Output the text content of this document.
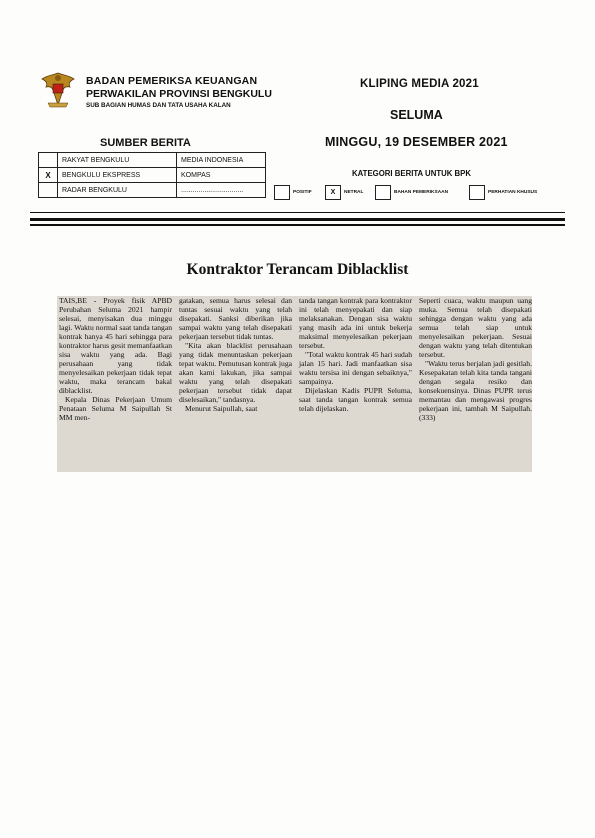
BADAN PEMERIKSA KEUANGAN
PERWAKILAN PROVINSI BENGKULU
SUB BAGIAN HUMAS DAN TATA USAHA KALAN
KLIPING MEDIA 2021
SELUMA
SUMBER BERITA	MINGGU, 19 DESEMBER 2021
	RAKYAT BENGKULU	MEDIA INDONESIA
X	BENGKULU EKSPRESS	KOMPAS
	RADAR BENGKULU	................................
KATEGORI BERITA UNTUK BPK
POSITIF	X	NETRAL	BAHAN PEMERIKSAAN	PERHATIAN KHUSUS
Kontraktor Terancam Diblacklist

TAIS,BE - Proyek fisik APBD Perubahan Seluma 2021 hampir selesai, menyisakan dua minggu lagi. Waktu normal saat tanda tangan kontrak hanya 45 hari sehingga para kontraktor harus gesit memanfaatkan sisa waktu yang ada. Bagi perusahaan yang tidak menyelesaikan pekerjaan tidak tepat waktu, maka terancam bakal diblacklist.

Kepala Dinas Pekerjaan Umum Penataan Seluma M Saipullah St MM men-

gatakan, semua harus selesai dan tuntas sesuai waktu yang telah disepakati. Sanksi diberikan jika sampai waktu yang telah disepakati pekerjaan tersebut tidak tuntas.

"Kita akan blacklist perusahaan yang tidak menuntaskan pekerjaan tepat waktu. Pemutusan kontrak juga akan kami lakukan, jika sampai waktu yang telah disepakati pekerjaan tersebut tidak dapat diselesaikan," tandasnya.

Menurut Saipullah, saat

tanda tangan kontrak para kontraktor ini telah menyepakati dan siap melaksanakan. Dengan sisa waktu yang masih ada ini untuk bekerja maksimal menyelesaikan pekerjaan tersebut.

"Total waktu kontrak 45 hari sudah jalan 15 hari. Jadi manfaatkan sisa waktu tersisa ini dengan sebaiknya," sampainya.

Dijelaskan Kadis PUPR Seluma, saat tanda tangan kontrak semua telah dijelaskan.

Seperti cuaca, waktu maupun uang muka. Semua telah disepakati sehingga dengan waktu yang ada semua telah siap untuk menyelesaikan pekerjaan. Sesuai dengan waktu yang telah ditentukan tersebut.

"Waktu terus berjalan jadi gesitlah. Kesepakatan telah kita tanda tangani dengan segala resiko dan konsekuensinya. Dinas PUPR terus memantau dan mengawasi progres pekerjaan ini, tambah M Saipullah. (333)
